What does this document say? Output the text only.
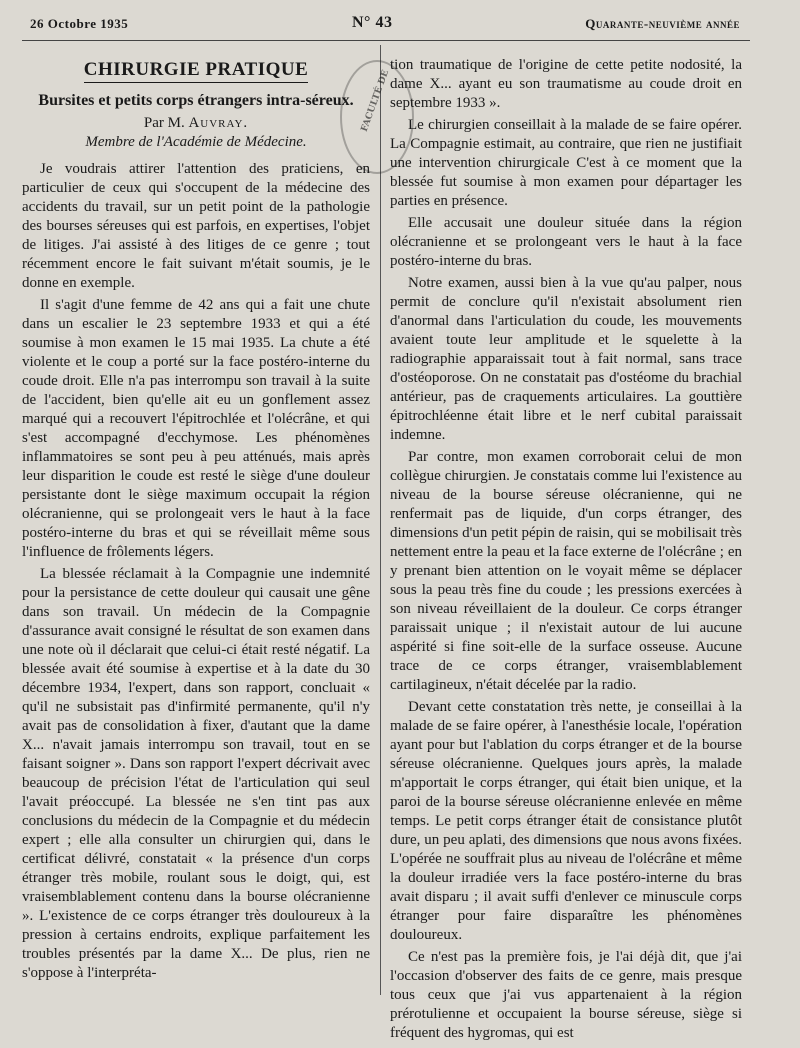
26 Octobre 1935	N° 43	Quarante-neuvième année
FACULTÉ DE

CHIRURGIE PRATIQUE

Bursites et petits corps étrangers intra-séreux.

Par M. Auvray.

Membre de l'Académie de Médecine.

Je voudrais attirer l'attention des praticiens, en particulier de ceux qui s'occupent de la médecine des accidents du travail, sur un petit point de la pathologie des bourses séreuses qui est parfois, en expertises, l'objet de litiges. J'ai assisté à des litiges de ce genre ; tout récemment encore le fait suivant m'était soumis, je le donne en exemple.

Il s'agit d'une femme de 42 ans qui a fait une chute dans un escalier le 23 septembre 1933 et qui a été soumise à mon examen le 15 mai 1935. La chute a été violente et le coup a porté sur la face postéro-interne du coude droit. Elle n'a pas interrompu son travail à la suite de l'accident, bien qu'elle ait eu un gonflement assez marqué qui a recouvert l'épitrochlée et l'olécrâne, et qui s'est accompagné d'ecchymose. Les phénomènes inflammatoires se sont peu à peu atténués, mais après leur disparition le coude est resté le siège d'une douleur persistante dont le siège maximum occupait la région olécranienne, qui se prolongeait vers le haut à la face postéro-interne du bras et qui se réveillait même sous l'influence de frôlements légers.

La blessée réclamait à la Compagnie une indemnité pour la persistance de cette douleur qui causait une gêne dans son travail. Un médecin de la Compagnie d'assurance avait consigné le résultat de son examen dans une note où il déclarait que celui-ci était resté négatif. La blessée avait été soumise à expertise et à la date du 30 décembre 1934, l'expert, dans son rapport, concluait « qu'il ne subsistait pas d'infirmité permanente, qu'il n'y avait pas de consolidation à fixer, d'autant que la dame X... n'avait jamais interrompu son travail, tout en se faisant soigner ». Dans son rapport l'expert décrivait avec beaucoup de précision l'état de l'articulation qui seul l'avait préoccupé. La blessée ne s'en tint pas aux conclusions du médecin de la Compagnie et du médecin expert ; elle alla consulter un chirurgien qui, dans le certificat délivré, constatait « la présence d'un corps étranger très mobile, roulant sous le doigt, qui, est vraisemblablement contenu dans la bourse olécranienne ». L'existence de ce corps étranger très douloureux à la pression à certains endroits, explique parfaitement les troubles présentés par la dame X... De plus, rien ne s'oppose à l'interpréta-

tion traumatique de l'origine de cette petite nodosité, la dame X... ayant eu son traumatisme au coude droit en septembre 1933 ».

Le chirurgien conseillait à la malade de se faire opérer. La Compagnie estimait, au contraire, que rien ne justifiait une intervention chirurgicale C'est à ce moment que la blessée fut soumise à mon examen pour départager les parties en présence.

Elle accusait une douleur située dans la région olécranienne et se prolongeant vers le haut à la face postéro-interne du bras.

Notre examen, aussi bien à la vue qu'au palper, nous permit de conclure qu'il n'existait absolument rien d'anormal dans l'articulation du coude, les mouvements avaient toute leur amplitude et le squelette à la radiographie apparaissait tout à fait normal, sans trace d'ostéoporose. On ne constatait pas d'ostéome du brachial antérieur, pas de craquements articulaires. La gouttière épitrochléenne était libre et le nerf cubital paraissait indemne.

Par contre, mon examen corroborait celui de mon collègue chirurgien. Je constatais comme lui l'existence au niveau de la bourse séreuse olécranienne, qui ne renfermait pas de liquide, d'un corps étranger, des dimensions d'un petit pépin de raisin, qui se mobilisait très nettement entre la peau et la face externe de l'olécrâne ; en y prenant bien attention on le voyait même se déplacer sous la peau très fine du coude ; les pressions exercées à son niveau réveillaient de la douleur. Ce corps étranger paraissait unique ; il n'existait autour de lui aucune aspérité si fine soit-elle de la surface osseuse. Aucune trace de ce corps étranger, vraisemblablement cartilagineux, n'était décelée par la radio.

Devant cette constatation très nette, je conseillai à la malade de se faire opérer, à l'anesthésie locale, l'opération ayant pour but l'ablation du corps étranger et de la bourse séreuse olécranienne. Quelques jours après, la malade m'apportait le corps étranger, qui était bien unique, et la paroi de la bourse séreuse olécranienne enlevée en même temps. Le petit corps étranger était de consistance plutôt dure, un peu aplati, des dimensions que nous avons fixées. L'opérée ne souffrait plus au niveau de l'olécrâne et même la douleur irradiée vers la face postéro-interne du bras avait disparu ; il avait suffi d'enlever ce minuscule corps étranger pour faire disparaître les phénomènes douloureux.

Ce n'est pas la première fois, je l'ai déjà dit, que j'ai l'occasion d'observer des faits de ce genre, mais presque tous ceux que j'ai vus appartenaient à la région prérotulienne et occupaient la bourse séreuse, siège si fréquent des hygromas, qui est
